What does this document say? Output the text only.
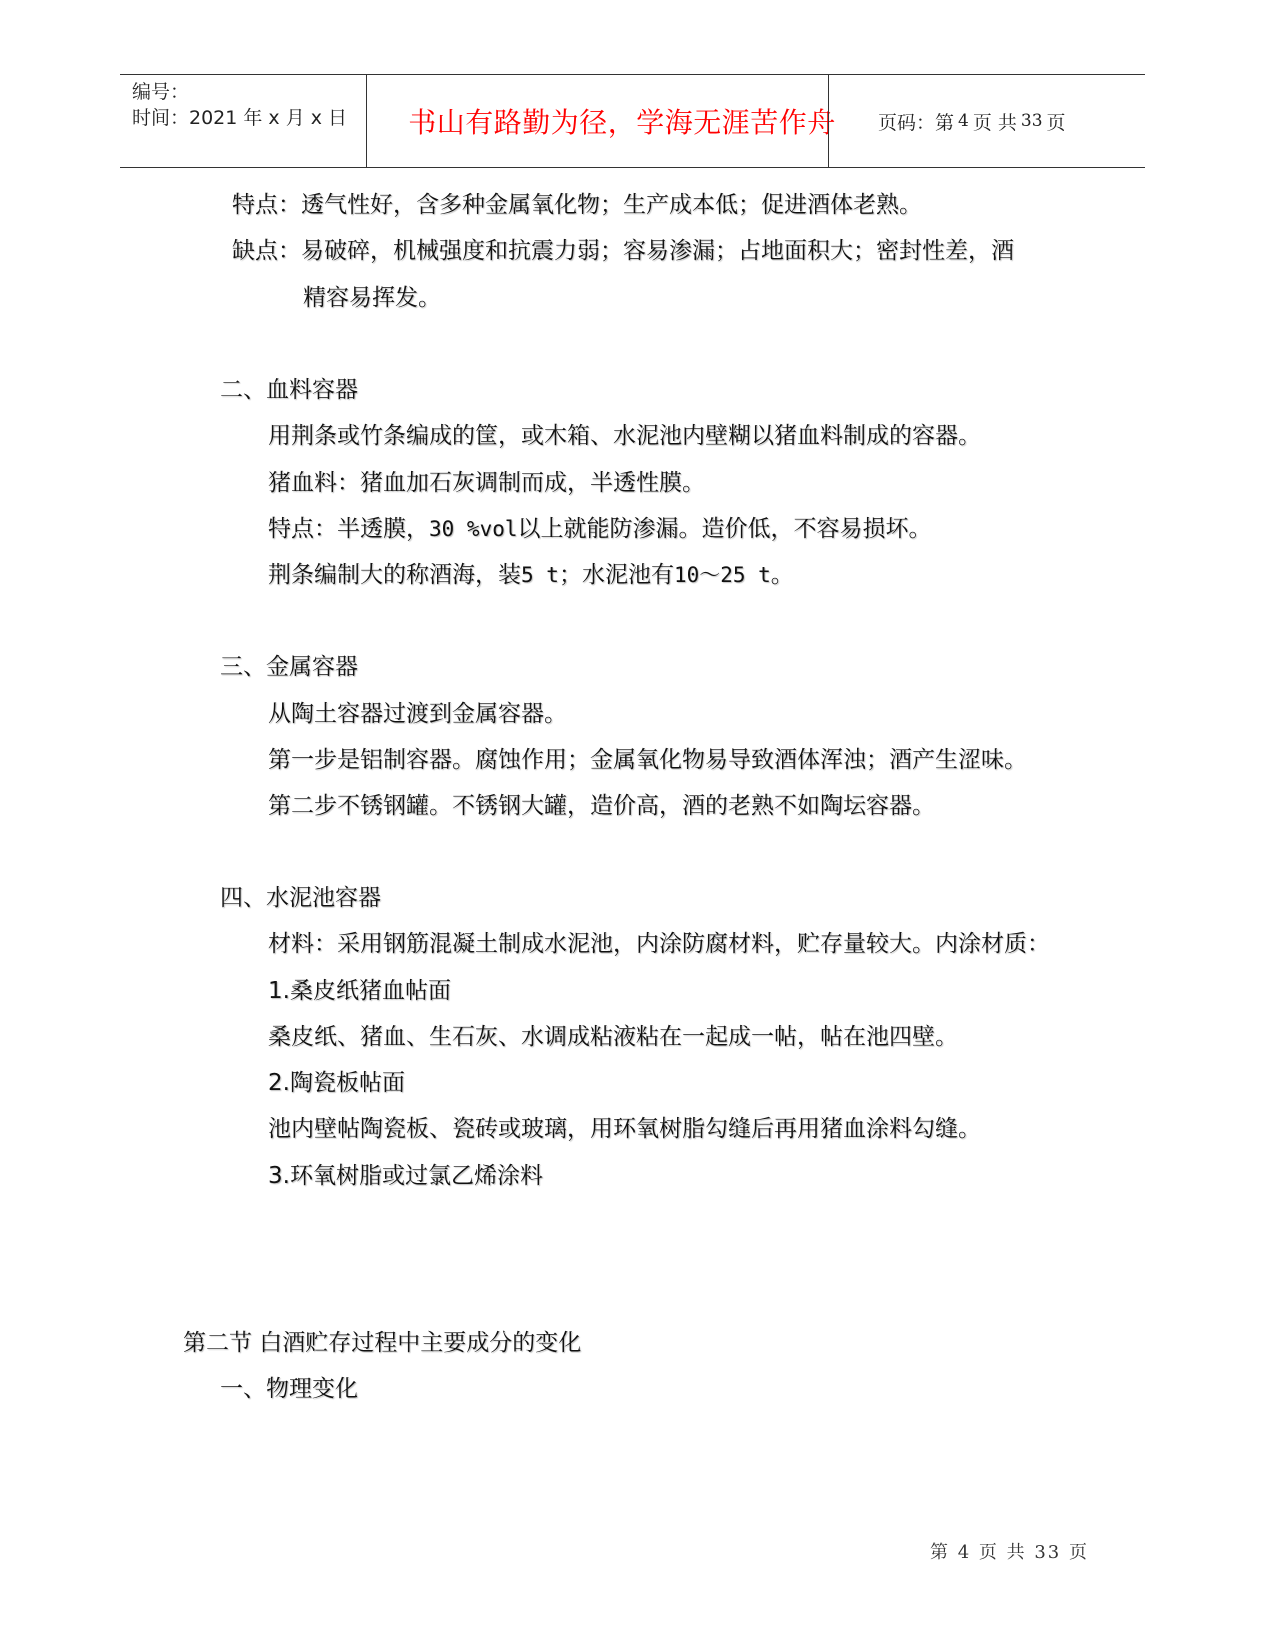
编号：
时间：2021 年 x 月 x 日	书山有路勤为径，学海无涯苦作舟	页码：第 4 页 共 33 页
特点：透气性好，含多种金属氧化物；生产成本低；促进酒体老熟。
缺点：易破碎，机械强度和抗震力弱；容易渗漏；占地面积大；密封性差，酒
精容易挥发。
二、血料容器
用荆条或竹条编成的筐，或木箱、水泥池内壁糊以猪血料制成的容器。
猪血料：猪血加石灰调制而成，半透性膜。
特点：半透膜，30 %vol以上就能防渗漏。造价低，不容易损坏。
荆条编制大的称酒海，装5 t；水泥池有10～25 t。
三、金属容器
从陶土容器过渡到金属容器。
第一步是铝制容器。腐蚀作用；金属氧化物易导致酒体浑浊；酒产生涩味。
第二步不锈钢罐。不锈钢大罐，造价高，酒的老熟不如陶坛容器。
四、水泥池容器
材料：采用钢筋混凝土制成水泥池，内涂防腐材料，贮存量较大。内涂材质：
1.桑皮纸猪血帖面
桑皮纸、猪血、生石灰、水调成粘液粘在一起成一帖，帖在池四壁。
2.陶瓷板帖面
池内壁帖陶瓷板、瓷砖或玻璃，用环氧树脂勾缝后再用猪血涂料勾缝。
3.环氧树脂或过氯乙烯涂料
第二节 白酒贮存过程中主要成分的变化
一、物理变化
第 4 页 共 33 页
